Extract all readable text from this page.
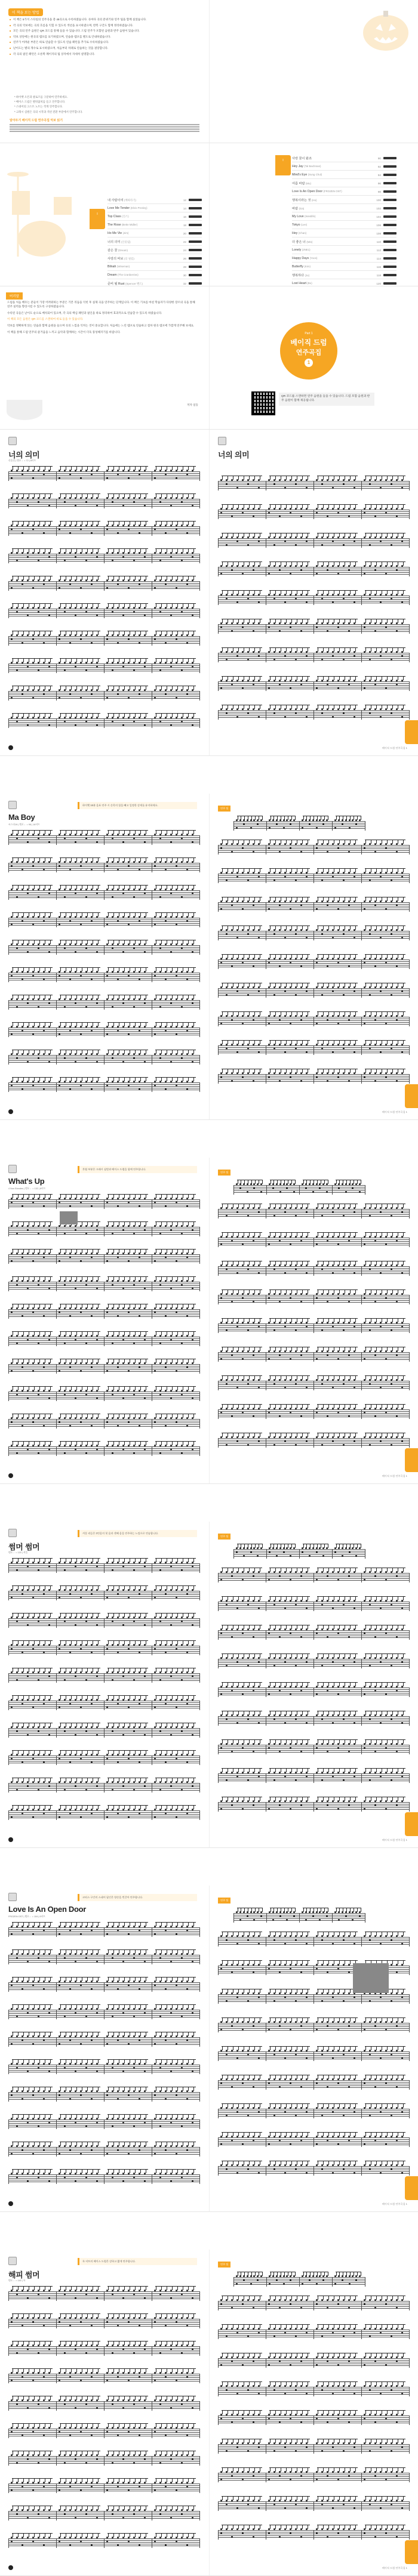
이 책을 보는 방법
■ 이 책은 5가지 스타일의 연주곡을 총 48곡으로 수록하였습니다. 곡마다 곡의 분위기와 연주 팁을 함께 실었습니다.
■ 각 곡의 악보에는 곡의 흐름을 익힐 수 있도록 섹션을 표시하였으며, 반복 구간도 함께 정리하였습니다.
■ 모든 곡의 연주 음원은 QR 코드를 통해 들을 수 있습니다. 드럼 연주가 포함된 음원과 반주 음원이 있습니다.
■ 악보 상단에는 원곡의 템포를 표기하였으며, 연습용 템포를 별도로 안내하였습니다.
■ 연주가 어려운 부분은 따로 연습할 수 있도록 연습 패턴을 추가로 수록하였습니다.
■ 난이도는 별의 개수로 표시하였으며, 처음부터 차례로 연습하는 것을 권장합니다.
■ 각 곡의 필인 패턴은 오른쪽 페이지의 팁 상자에서 자세히 설명합니다.
* 하이햇 오픈과 클로즈를 구분하여 연주하세요.
* 베이스 드럼은 발뒤꿈치를 들고 연주합니다.
* 스네어의 고스트 노트는 작게 연주합니다.
* 크래시 심벌은 곡의 시작과 섹션 전환 부분에서 연주합니다.
알아두기 베이직 드럼 연주곡집 악보 읽기
Ⅰ
내 사람이여 (배따라기)	12
Love Me Tender (Elvis Presley)	14
Top Class (신스)	16
The Rose (Bette Midler)	18
Ho Me Vie (Jim)	20
너의 의미 (산울림)	22
같은 꿈 (Dream)	24
사랑의 바보 (더 필름)	26
Bilnah (Wiseman)	28
Dream (The Cranberries)	30
준비 될 Rust (Spencer 밴드)	32
Ⅰ
사랑 꿈이 왔죠	90
Hey Jay (Tal Bachman)	92
Mind's Eye (Sung Chul)	94
여름 바람 (Mu)	96
Love Is An Open Door (FROZEN OST)	98
행복이라는 것 (Ho)	100
바람 (Ga)	102
My Love (Westlife)	104
Tokyo (Lee)	106
Hey (Chan)	108
더 좋은 너 (Min)	110
Lonely (2NE1)	112
Happy Days (Yoon)	114
Butterfly (Kim)	116
행복하다 (Ju)	118
Lost Heart (Bo)	120
머리말

드럼을 처음 배우는 분들이 가장 어려워하는 부분은 기본 리듬을 익힌 후 실제 곡을 연주하는 단계입니다. 이 책은 기초를 마친 학습자가 다양한 장르의 곡을 통해 연주 실력을 향상시킬 수 있도록 구성하였습니다.

수록된 곡들은 난이도 순으로 배치되어 있으며, 각 곡의 핵심 패턴과 필인을 따로 정리하여 효과적으로 연습할 수 있도록 하였습니다.

이 책의 모든 음원은 QR 코드를 스캔하여 바로 들을 수 있습니다.

악보를 정확하게 읽는 연습과 함께 음원을 들으며 곡의 느낌을 익히는 것이 중요합니다. 처음에는 느린 템포로 연습하고 점차 원곡 템포에 가깝게 연주해 보세요.

이 책을 통해 드럼 연주의 즐거움을 느끼고 음악과 함께하는 시간이 더욱 풍성해지기를 바랍니다.

저자 일동
Part 1
베이직 드럼
연주곡집
1
QR 코드를 스캔하면 연주 음원을 들을 수 있습니다. 드럼 포함 음원과 반주 음원이 함께 제공됩니다.
너의 의미
산울림 | 템포 ♩= 72 | 8비트
너의 의미
베이직 드럼 연주곡집 1
Ma Boy
씨스타19 | 템포 ♩= 98 | 16비트
하이햇 16분 음표 연주 시 손목의 힘을 빼고 일정한 강세를 유지하세요.
연주 팁
베이직 드럼 연주곡집 1
What's Up
4 Non Blondes | 템포 ♩= 132 | 8비트
후렴 부분은 크래시 심벌과 베이스 드럼을 함께 연주합니다.
연주 팁
베이직 드럼 연주곡집 1
썸머 썸머
템포 ♩= 120 | 셔플
셔플 리듬은 3연음의 첫 음과 셋째 음을 연주하는 느낌으로 연습합니다.
연주 팁
베이직 드럼 연주곡집 1
Love Is An Open Door
FROZEN OST | 템포 ♩= 104 | 8비트
코러스 구간의 스네어 필인은 양손을 번갈아 연주합니다.
연주 팁
베이직 드럼 연주곡집 1
해피 썸머
템포 ♩= 140 | 록
록 비트의 베이스 드럼은 강하고 짧게 연주합니다.
연주 팁
베이직 드럼 연주곡집 1
